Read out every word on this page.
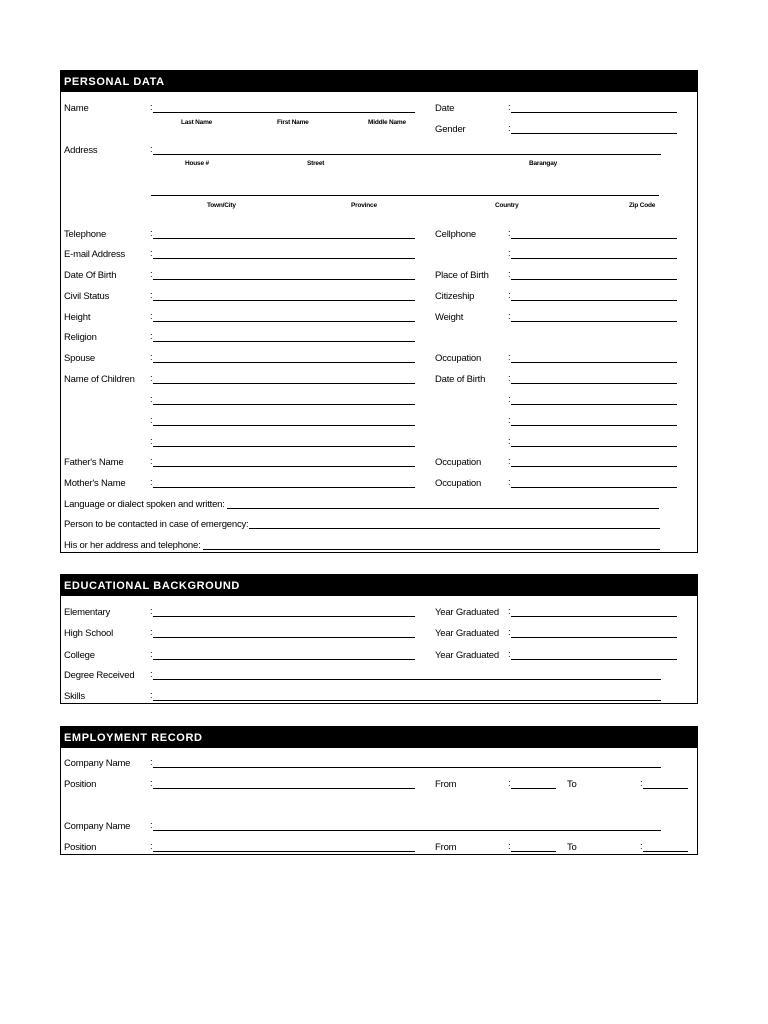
PERSONAL DATA
Name	:
Last Name	First Name	Middle Name
Date	:
Gender	:
Address	:
House #	Street	Barangay
Town/City	Province	Country	Zip Code
Telephone	:	Cellphone	:
E-mail Address	:	:
Date Of Birth	:	Place of Birth :
Civil Status	:	Citizeship	:
Height	:	Weight	:
Religion	:
Spouse	:	Occupation	:
Name of Children :	Date of Birth :
:	:
:	:
:	:
Father's Name	:	Occupation	:
Mother's Name	:	Occupation	:
Language or dialect spoken and written:
Person to be contacted in case of emergency:
His or her address and telephone:
EDUCATIONAL BACKGROUND
Elementary	:	Year Graduated :
High School	:	Year Graduated :
College	:	Year Graduated :
Degree Received :
Skills	:
EMPLOYMENT RECORD
Company Name :
Position	:	From	:	To	:
Company Name :
Position	:	From	:	To	:
